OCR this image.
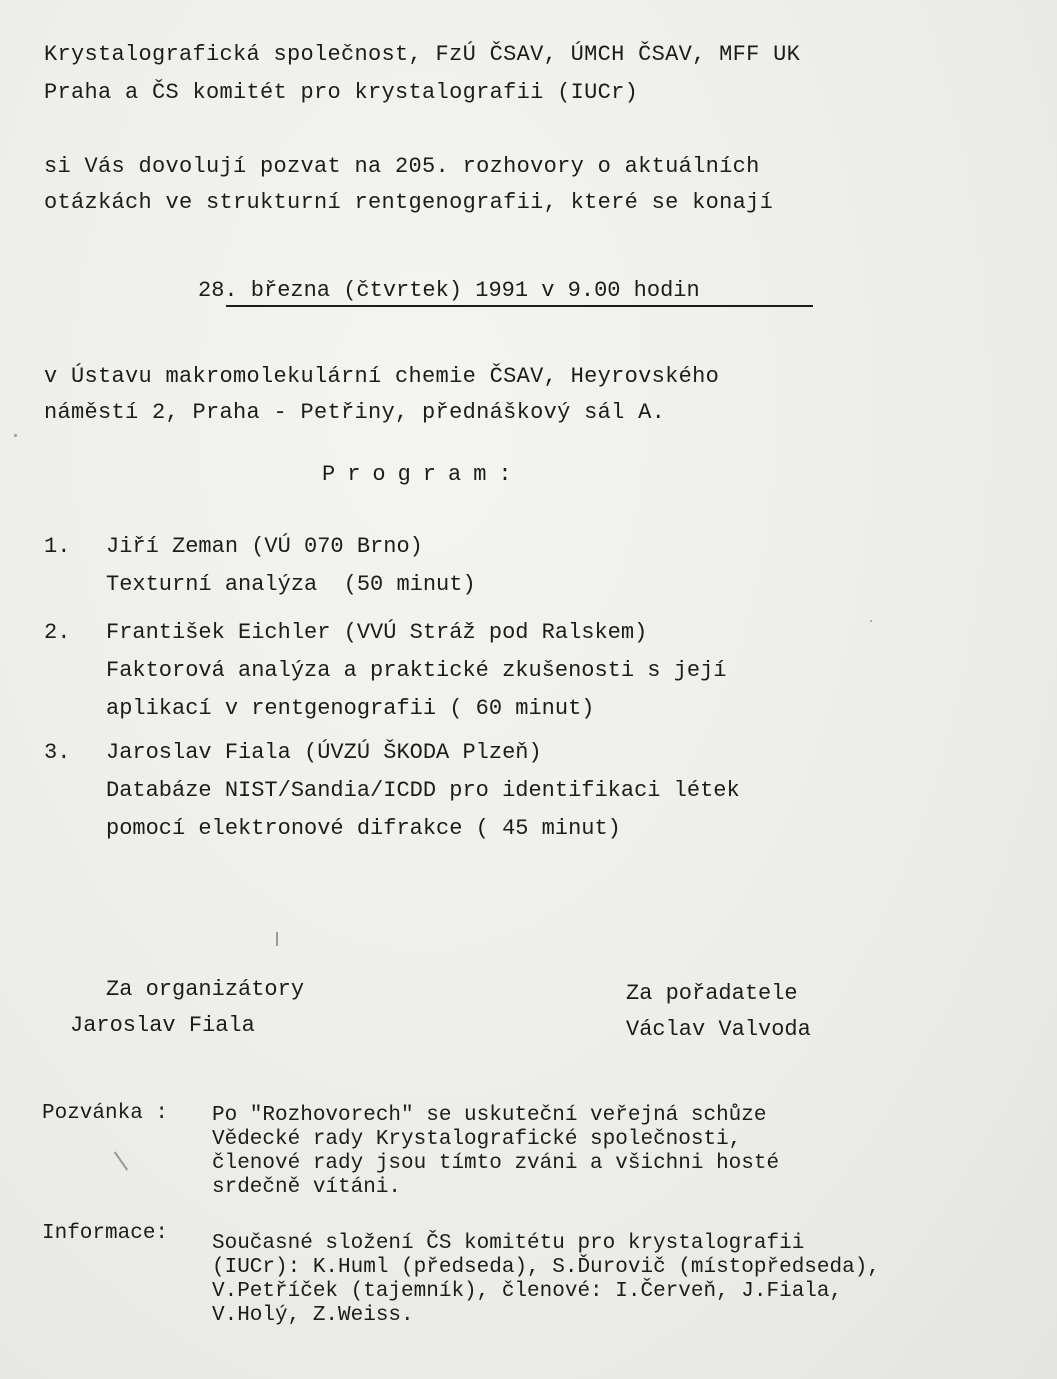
Krystalografická společnost, FzÚ ČSAV, ÚMCH ČSAV, MFF UK
Praha a ČS komitét pro krystalografii (IUCr)
si Vás dovolují pozvat na 205. rozhovory o aktuálních
otázkách ve strukturní rentgenografii, které se konají
28. března (čtvrtek) 1991 v 9.00 hodin
v Ústavu makromolekulární chemie ČSAV, Heyrovského
náměstí 2, Praha - Petřiny, přednáškový sál A.
Program:
1. Jiří Zeman (VÚ 070 Brno)
Texturní analýza  (50 minut)
2. František Eichler (VVÚ Stráž pod Ralskem)
Faktorová analýza a praktické zkušenosti s její
aplikací v rentgenografii ( 60 minut)
3. Jaroslav Fiala (ÚVZÚ ŠKODA Plzeň)
Databáze NIST/Sandia/ICDD pro identifikaci létek
pomocí elektronové difrakce ( 45 minut)
Za organizátory
Jaroslav Fiala
Za pořadatele
Václav Valvoda
Pozvánka : Po "Rozhovorech" se uskuteční veřejná schůze
Vědecké rady Krystalografické společnosti,
členové rady jsou tímto zváni a všichni hosté
srdečně vítáni.
Informace: Současné složení ČS komitétu pro krystalografii
(IUCr): K.Huml (předseda), S.Ďurovič (místopředseda),
V.Petříček (tajemník), členové: I.Červeň, J.Fiala,
V.Holý, Z.Weiss.
